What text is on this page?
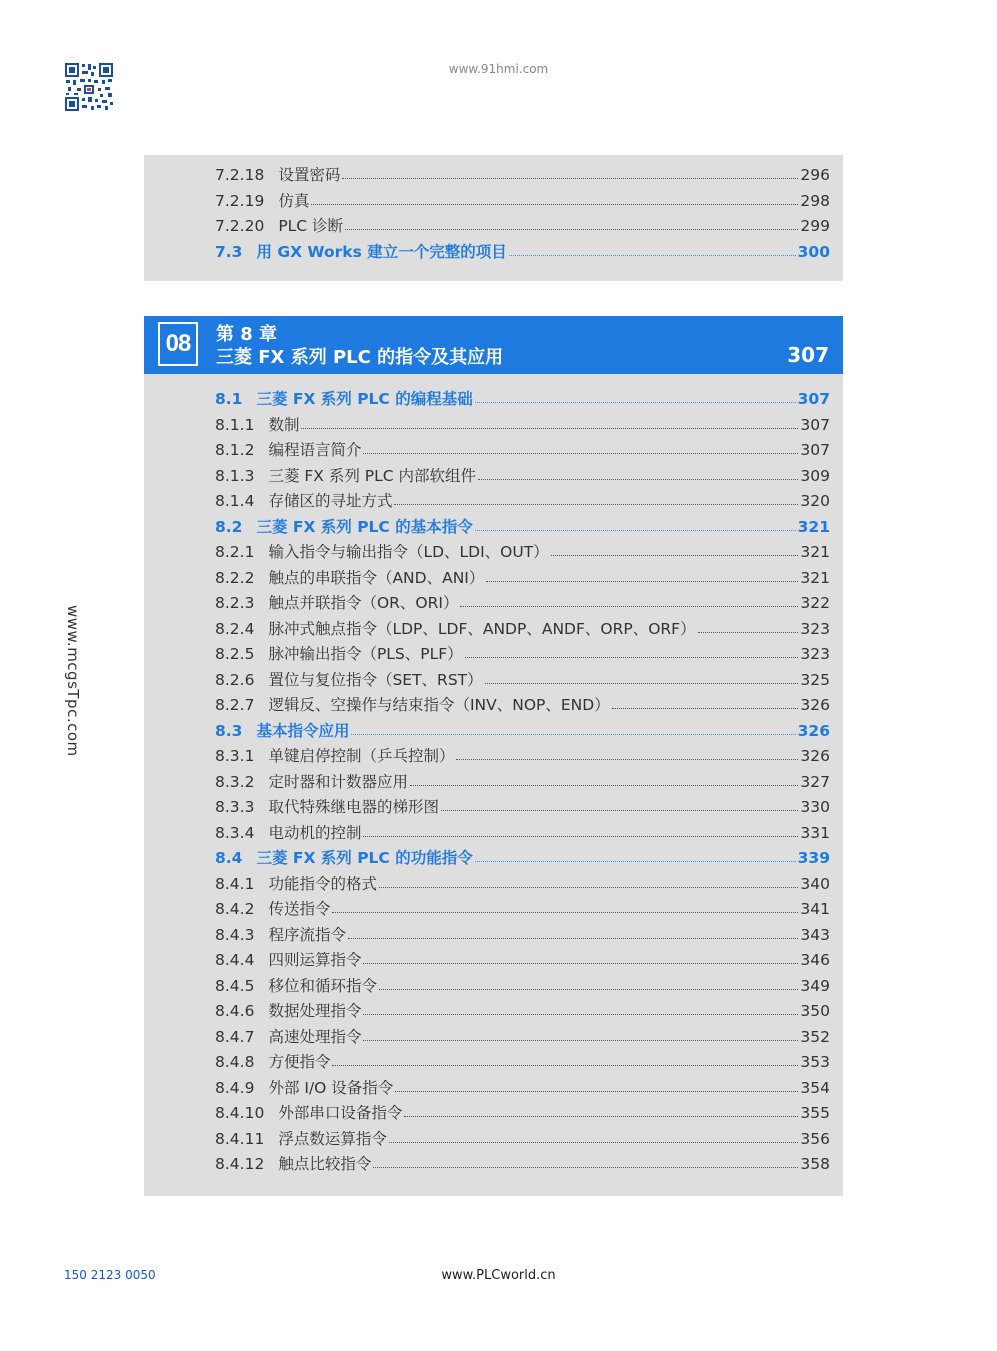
www.91hmi.com
www.mcgsTpc.com
7.2.18 设置密码	296
7.2.19 仿真	298
7.2.20 PLC 诊断	299
7.3 用 GX Works 建立一个完整的项目	300
08	第 8 章
三菱 FX 系列 PLC 的指令及其应用	307
8.1 三菱 FX 系列 PLC 的编程基础	307
8.1.1 数制	307
8.1.2 编程语言简介	307
8.1.3 三菱 FX 系列 PLC 内部软组件	309
8.1.4 存储区的寻址方式	320
8.2 三菱 FX 系列 PLC 的基本指令	321
8.2.1 输入指令与输出指令（LD、LDI、OUT）	321
8.2.2 触点的串联指令（AND、ANI）	321
8.2.3 触点并联指令（OR、ORI）	322
8.2.4 脉冲式触点指令（LDP、LDF、ANDP、ANDF、ORP、ORF）	323
8.2.5 脉冲输出指令（PLS、PLF）	323
8.2.6 置位与复位指令（SET、RST）	325
8.2.7 逻辑反、空操作与结束指令（INV、NOP、END）	326
8.3 基本指令应用	326
8.3.1 单键启停控制（乒乓控制）	326
8.3.2 定时器和计数器应用	327
8.3.3 取代特殊继电器的梯形图	330
8.3.4 电动机的控制	331
8.4 三菱 FX 系列 PLC 的功能指令	339
8.4.1 功能指令的格式	340
8.4.2 传送指令	341
8.4.3 程序流指令	343
8.4.4 四则运算指令	346
8.4.5 移位和循环指令	349
8.4.6 数据处理指令	350
8.4.7 高速处理指令	352
8.4.8 方便指令	353
8.4.9 外部 I/O 设备指令	354
8.4.10 外部串口设备指令	355
8.4.11 浮点数运算指令	356
8.4.12 触点比较指令	358
150 2123 0050	www.PLCworld.cn
